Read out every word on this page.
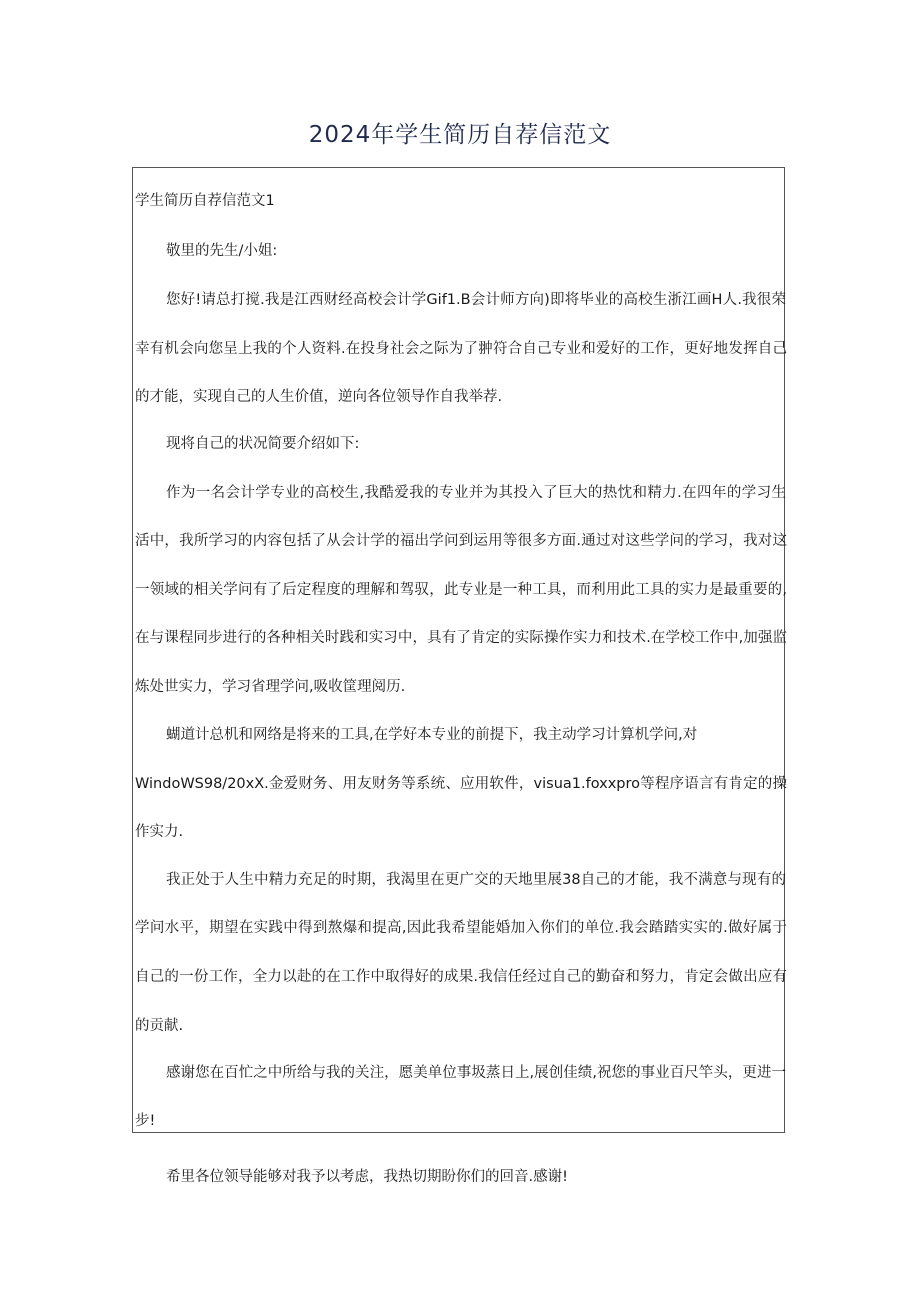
2024年学生简历自荐信范文
学生简历自荐信范文1
敬里的先生/小姐:
您好!请总打搅.我是江西财经高校会计学Gif1.B会计师方向)即将毕业的高校生浙江画H人.我很荣
幸有机会向您呈上我的个人资料.在投身社会之际为了翀符合自己专业和爱好的工作，更好地发挥自己
的才能，实现自己的人生价值，逆向各位领导作自我举荐.
现将自己的状况简要介绍如下:
作为一名会计学专业的高校生,我酷爱我的专业并为其投入了巨大的热忱和精力.在四年的学习生
活中，我所学习的内容包括了从会计学的福出学问到运用等很多方面.通过对这些学问的学习，我对这
一领域的相关学问有了后定程度的理解和驾驭，此专业是一种工具，而利用此工具的实力是最重要的,
在与课程同步进行的各种相关时践和实习中，具有了肯定的实际操作实力和技术.在学校工作中,加强监
炼处世实力，学习省理学问,吸收筐理阅历.
蝴道计总机和网络是将来的工具,在学好本专业的前提下，我主动学习计算机学问,对
WindoWS98/20xX.金爱财务、用友财务等系统、应用软件，visua1.foxxpro等程序语言有肯定的操
作实力.
我正处于人生中精力充足的时期，我渴里在更广交的天地里展38自己的才能，我不满意与现有的
学问水平，期望在实践中得到熬爆和提高,因此我希望能婚加入你们的单位.我会踏踏实实的.做好属于
自己的一份工作，全力以赴的在工作中取得好的成果.我信任经过自己的勤奋和努力，肯定会做出应有
的贡献.
感谢您在百忙之中所给与我的关注，愿美单位事圾蒸日上,展创佳绩,祝您的事业百尺竿头，更进一
步!
希里各位领导能够对我予以考虑，我热切期盼你们的回音.感谢!
